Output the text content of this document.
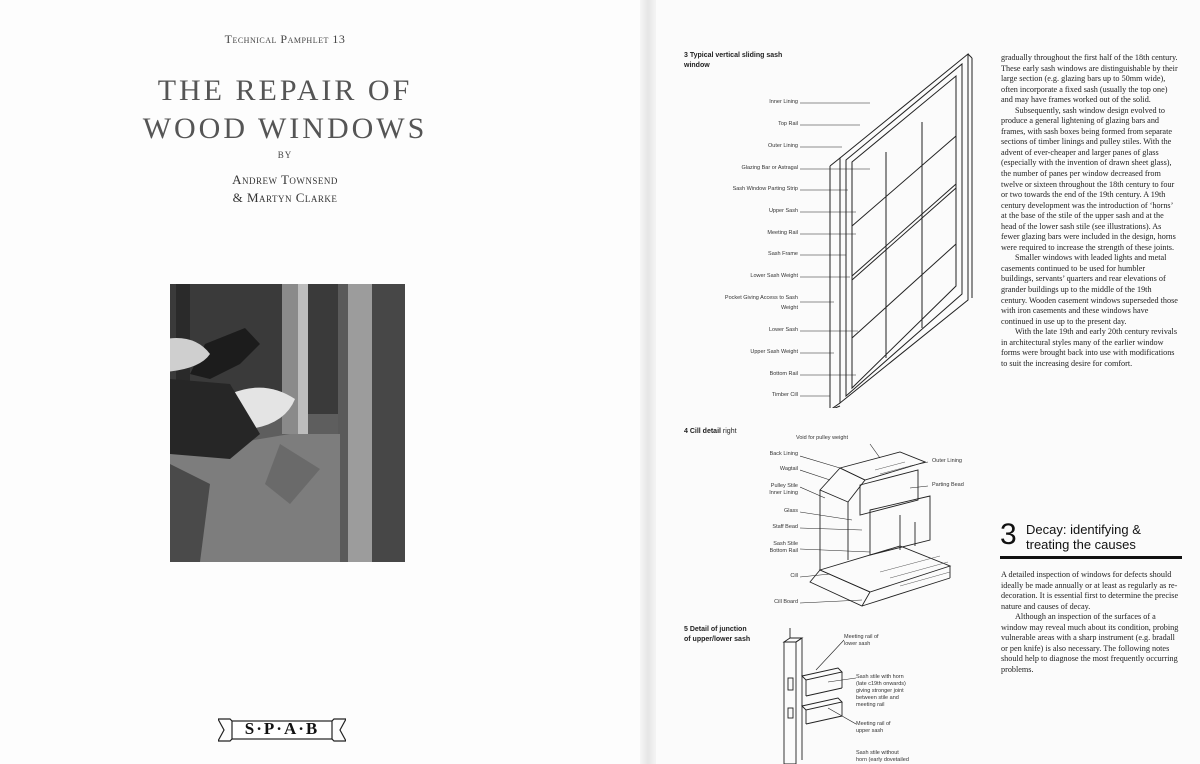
Technical Pamphlet 13
THE REPAIR OF
WOOD WINDOWS
BY
Andrew Townsend
& Martyn Clarke
S·P·A·B
3 Typical vertical sliding sash
window
Inner Lining
Top Rail
Outer Lining
Glazing Bar or Astragal
Sash Window Parting Strip
Upper Sash
Meeting Rail
Sash Frame
Lower Sash Weight
Pocket Giving Access to Sash
Weight
Lower Sash
Upper Sash Weight
Bottom Rail
Timber Cill
4 Cill detail right
Void for pulley weight
Back Lining
Wagtail
Pulley Stile
Inner Lining
Glass
Staff Bead
Sash Stile
Bottom Rail
Cill
Cill Board
Outer Lining
Parting Bead
5 Detail of junction
of upper/lower sash	Meeting rail of
lower sash
Sash stile with horn
(late c19th onwards)
giving stronger joint
between stile and
meeting rail
Meeting rail of
upper sash
Sash stile without
horn (early dovetailed

gradually throughout the first half of the 18th century. These early sash windows are distinguishable by their large section (e.g. glazing bars up to 50mm wide), often incorporate a fixed sash (usually the top one) and may have frames worked out of the solid.

Subsequently, sash window design evolved to produce a general lightening of glazing bars and frames, with sash boxes being formed from separate sections of timber linings and pulley stiles. With the advent of ever-cheaper and larger panes of glass (especially with the invention of drawn sheet glass), the number of panes per window decreased from twelve or sixteen throughout the 18th century to four or two towards the end of the 19th century. A 19th century development was the introduction of ‘horns’ at the base of the stile of the upper sash and at the head of the lower sash stile (see illustrations). As fewer glazing bars were included in the design, horns were required to increase the strength of these joints.

Smaller windows with leaded lights and metal casements continued to be used for humbler buildings, servants’ quarters and rear elevations of grander buildings up to the middle of the 19th century. Wooden casement windows superseded those with iron casements and these windows have continued in use up to the present day.

With the late 19th and early 20th century revivals in architectural styles many of the earlier window forms were brought back into use with modifications to suit the increasing desire for comfort.

3 Decay: identifying &
treating the causes

A detailed inspection of windows for defects should ideally be made annually or at least as regularly as re-decoration. It is essential first to determine the precise nature and causes of decay.

Although an inspection of the surfaces of a window may reveal much about its condition, probing vulnerable areas with a sharp instrument (e.g. bradall or pen knife) is also necessary. The following notes should help to diagnose the most frequently occurring problems.
